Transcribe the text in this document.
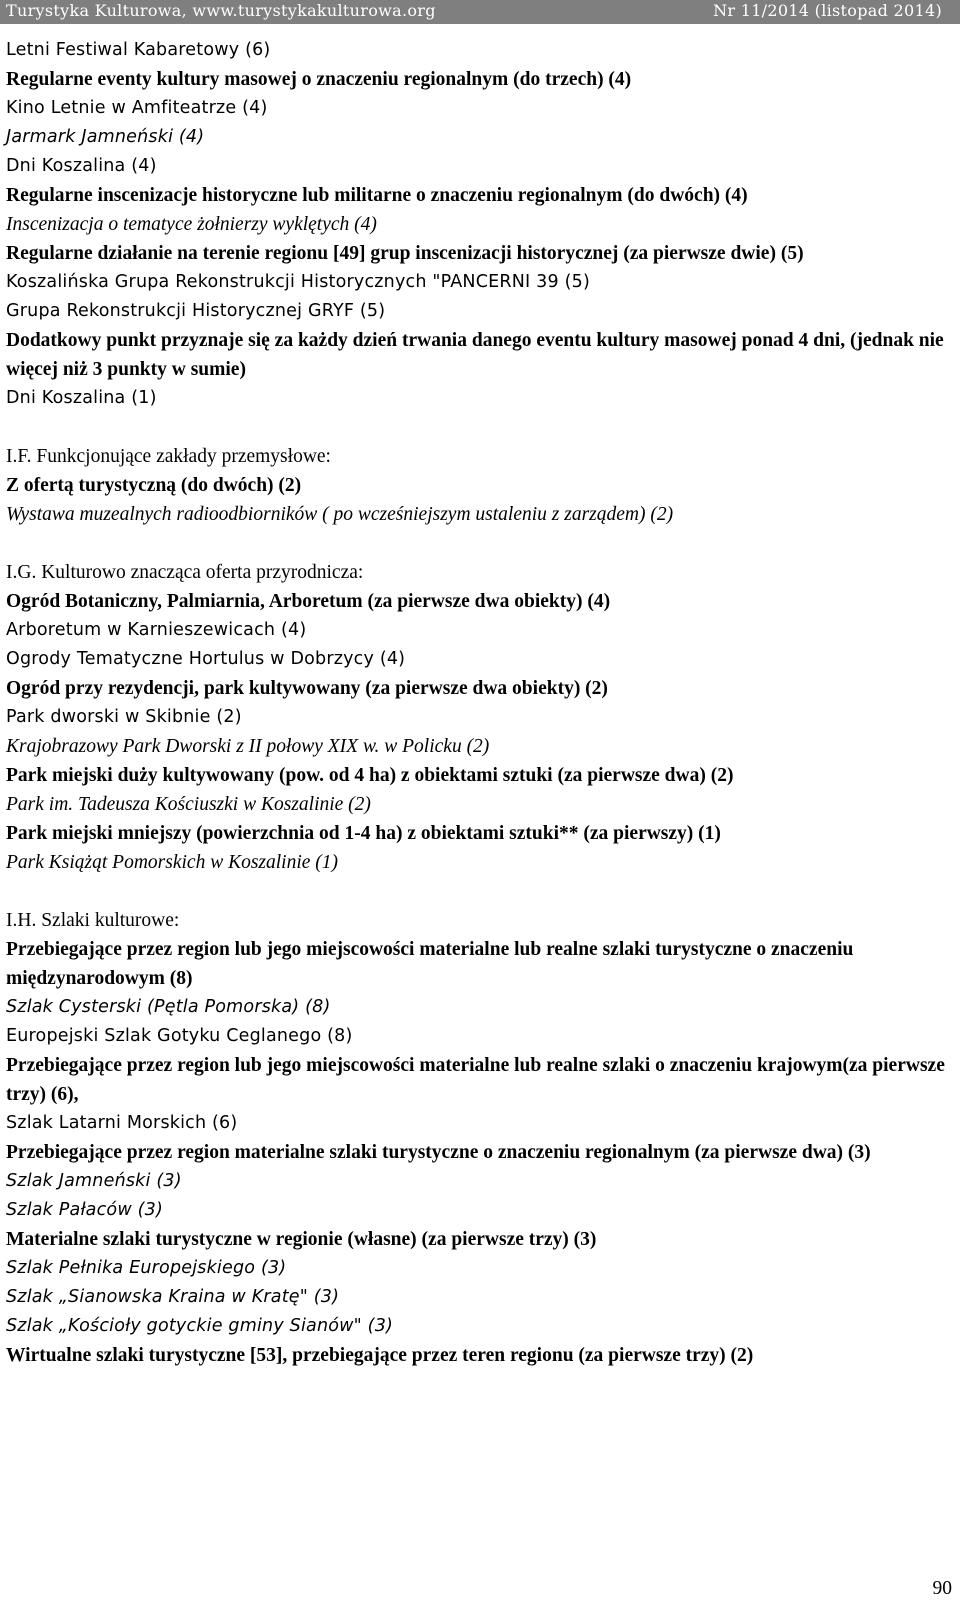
Turystyka Kulturowa, www.turystykakulturowa.org	Nr 11/2014 (listopad 2014)
Letni Festiwal Kabaretowy (6)
Regularne eventy kultury masowej o znaczeniu regionalnym (do trzech) (4)
Kino Letnie w Amfiteatrze (4)
Jarmark Jamneński (4)
Dni Koszalina (4)
Regularne inscenizacje historyczne lub militarne o znaczeniu regionalnym (do dwóch) (4)
Inscenizacja o tematyce żołnierzy wyklętych (4)
Regularne działanie na terenie regionu [49] grup inscenizacji historycznej (za pierwsze dwie) (5)
Koszalińska Grupa Rekonstrukcji Historycznych "PANCERNI 39 (5)
Grupa Rekonstrukcji Historycznej GRYF (5)
Dodatkowy punkt przyznaje się za każdy dzień trwania danego eventu kultury masowej ponad 4 dni, (jednak nie więcej niż 3 punkty w sumie)
Dni Koszalina (1)
I.F. Funkcjonujące zakłady przemysłowe:
Z ofertą turystyczną (do dwóch) (2)
Wystawa muzealnych radioodbiorników ( po wcześniejszym ustaleniu z zarządem) (2)
I.G. Kulturowo znacząca oferta przyrodnicza:
Ogród Botaniczny, Palmiarnia, Arboretum (za pierwsze dwa obiekty) (4)
Arboretum w Karnieszewicach (4)
Ogrody Tematyczne Hortulus w Dobrzycy (4)
Ogród przy rezydencji, park kultywowany (za pierwsze dwa obiekty) (2)
Park dworski w Skibnie (2)
Krajobrazowy Park Dworski z II połowy XIX w. w Policku (2)
Park miejski duży kultywowany (pow. od 4 ha) z obiektami sztuki (za pierwsze dwa) (2)
Park im. Tadeusza Kościuszki w Koszalinie (2)
Park miejski mniejszy (powierzchnia od 1-4 ha) z obiektami sztuki** (za pierwszy) (1)
Park Książąt Pomorskich w Koszalinie (1)
I.H. Szlaki kulturowe:
Przebiegające przez region lub jego miejscowości materialne lub realne szlaki turystyczne o znaczeniu międzynarodowym (8)
Szlak Cysterski (Pętla Pomorska) (8)
Europejski Szlak Gotyku Ceglanego (8)
Przebiegające przez region lub jego miejscowości materialne lub realne szlaki o znaczeniu krajowym(za pierwsze trzy) (6),
Szlak Latarni Morskich (6)
Przebiegające przez region materialne szlaki turystyczne o znaczeniu regionalnym (za pierwsze dwa) (3)
Szlak Jamneński (3)
Szlak Pałaców (3)
Materialne szlaki turystyczne w regionie (własne) (za pierwsze trzy) (3)
Szlak Pełnika Europejskiego (3)
Szlak „Sianowska Kraina w Kratę" (3)
Szlak „Kościoły gotyckie gminy Sianów" (3)
Wirtualne szlaki turystyczne [53], przebiegające przez teren regionu (za pierwsze trzy) (2)
90
